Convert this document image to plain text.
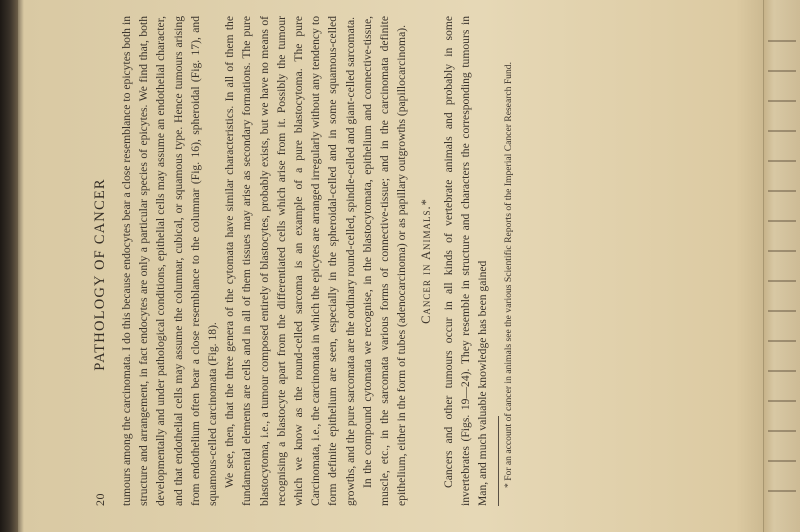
20
PATHOLOGY OF CANCER tumours among the carcinomata. I do this because endocytes bear a close resemblance to epicytes both in structure and arrangement, in fact endocytes are only a particular species of epicytes. We find that, both developmentally and under pathological conditions, epithelial cells may assume an endothelial character, and that endothelial cells may assume the columnar, cubical, or squamous type. Hence tumours arising from endothelium often bear a close resemblance to the columnar (Fig. 16), spheroidal (Fig. 17), and squamous-celled carcinomata (Fig. 18). We see, then, that the three genera of the cytomata have similar characteristics. In all of them the fundamental elements are cells and in all of them tissues may arise as secondary formations. The pure blastocytoma, i.e., a tumour composed entirely of blastocytes, probably exists, but we have no means of recognising a blastocyte apart from the differentiated cells which arise from it. Possibly the tumour which we know as the round-celled sarcoma is an example of a pure blastocytoma. The pure Carcinomata, i.e., the carcinomata in which the epicytes are arranged irregularly without any tendency to form definite epithelium are seen, especially in the spheroidal-celled and in some squamous-celled growths, and the pure sarcomata are the ordinary round-celled, spindle-celled and giant-celled sarcomata. In the compound cytomata we recognise, in the blastocytomata, epithelium and connective-tissue, muscle, etc., in the sarcomata various forms of connective-tissue; and in the carcinomata definite epithelium, either in the form of tubes (adenocarcinoma) or as papillary outgrowths (papillocarcinoma). Cancer in Animals.* Cancers and other tumours occur in all kinds of vertebrate animals and probably in some invertebrates (Figs. 19—24). They resemble in structure and characters the corresponding tumours in Man, and much valuable knowledge has been gained * For an account of cancer in animals see the various Scientific Reports of the Imperial Cancer Research Fund.
